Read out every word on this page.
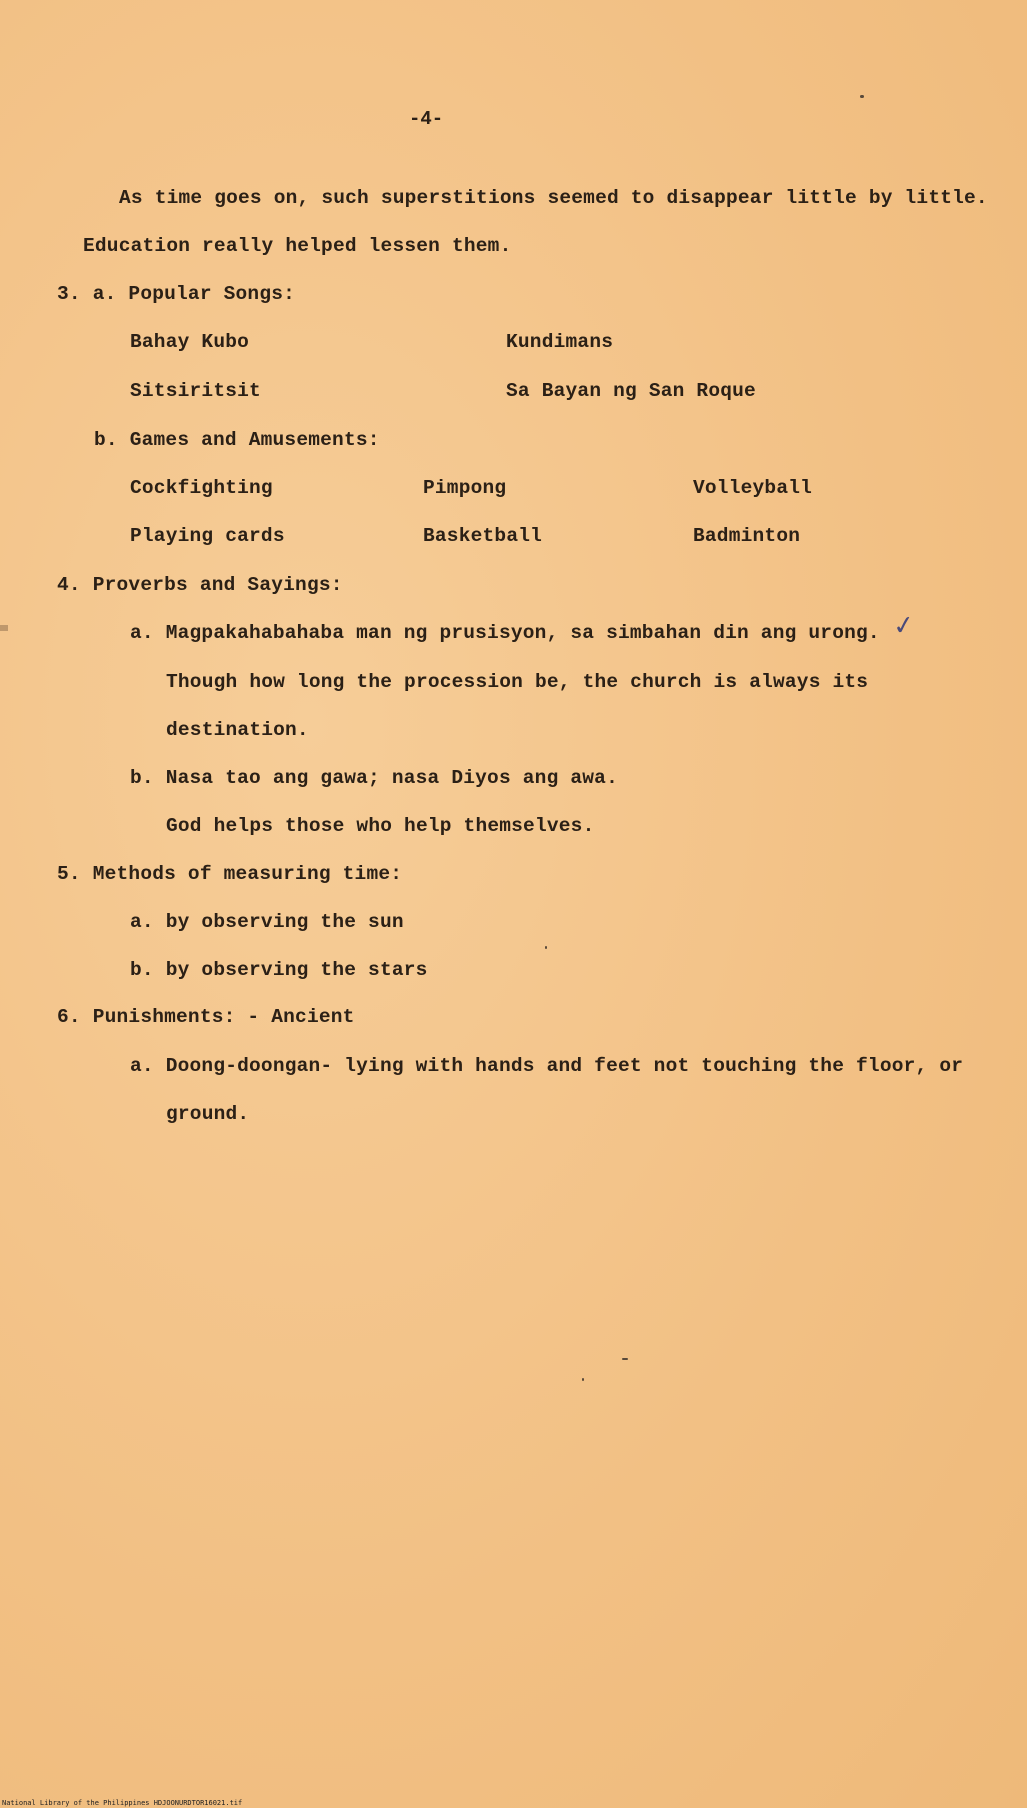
-4-
As time goes on, such superstitions seemed to disappear little by little.
Education really helped lessen them.
3. a. Popular Songs:
Bahay Kubo	Kundimans
Sitsiritsit	Sa Bayan ng San Roque
b. Games and Amusements:
Cockfighting	Pimpong	Volleyball
Playing cards	Basketball	Badminton
4. Proverbs and Sayings:
a. Magpakahabahaba man ng prusisyon, sa simbahan din ang urong. ✓
Though how long the procession be, the church is always its
destination.
b. Nasa tao ang gawa; nasa Diyos ang awa.
God helps those who help themselves.
5. Methods of measuring time:
a. by observing the sun
b. by observing the stars
6. Punishments: - Ancient
a. Doong-doongan- lying with hands and feet not touching the floor, or
ground.
National Library of the Philippines HDJOONURDTOR16021.tif
